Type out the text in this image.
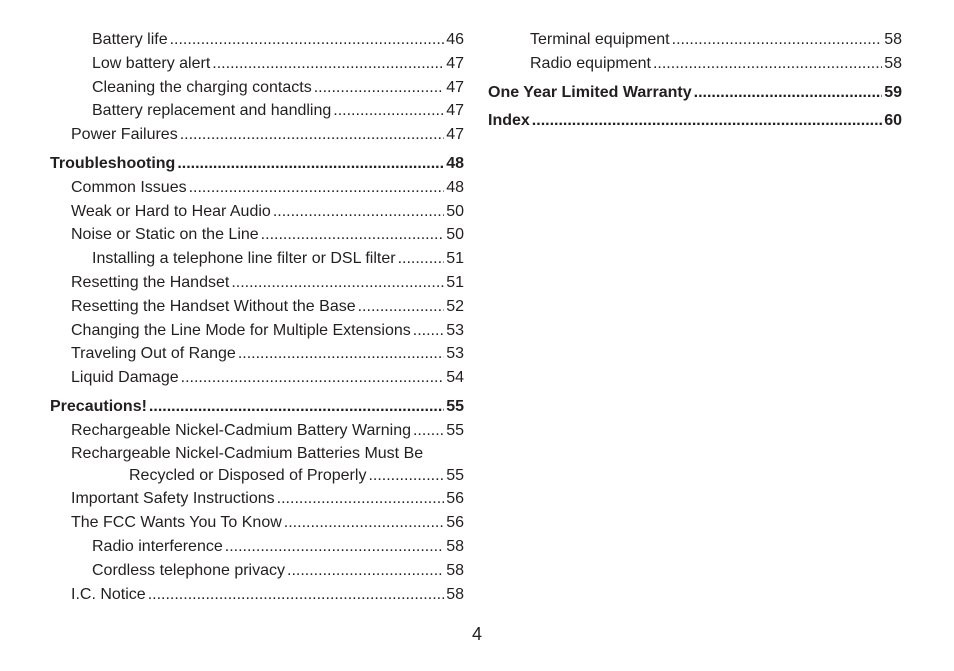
Battery life .....	46
Low battery alert .....	47
Cleaning the charging contacts .....	47
Battery replacement and handling .....	47
Power Failures .....	47
Troubleshooting .....	48
Common Issues .....	48
Weak or Hard to Hear Audio .....	50
Noise or Static on the Line .....	50
Installing a telephone line filter or DSL filter .....	51
Resetting the Handset .....	51
Resetting the Handset Without the Base .....	52
Changing the Line Mode for Multiple Extensions ..... 53
Traveling Out of Range .....	53
Liquid Damage .....	54
Precautions! .....	55
Rechargeable Nickel-Cadmium Battery Warning ..... 55
Rechargeable Nickel-Cadmium Batteries Must Be
Recycled or Disposed of Properly .....	55
Important Safety Instructions .....	56
The FCC Wants You To Know .....	56
Radio interference .....	58
Cordless telephone privacy .....	58
I.C. Notice .....	58
Terminal equipment .....	58
Radio equipment .....	58
One Year Limited Warranty .....	59
Index .....	60
4
